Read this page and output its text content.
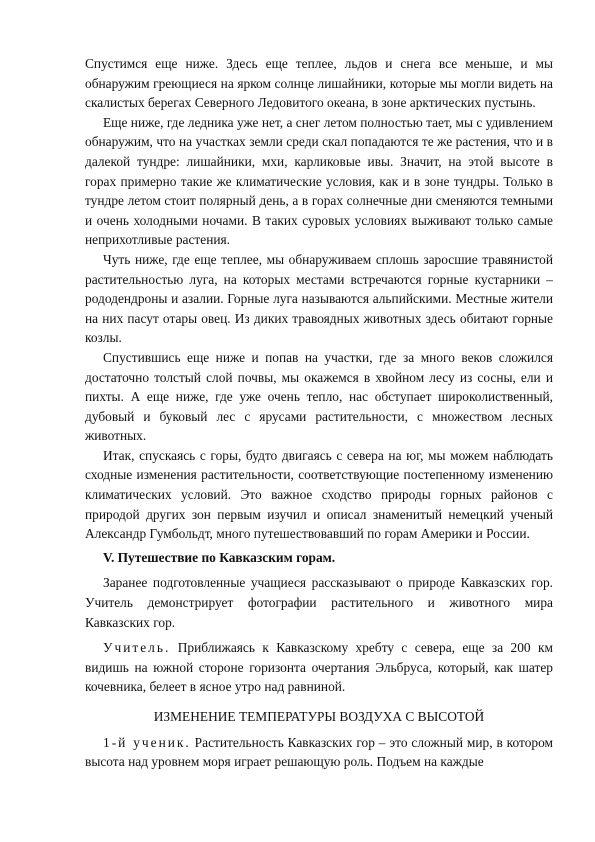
Спустимся еще ниже. Здесь еще теплее, льдов и снега все меньше, и мы обнаружим греющиеся на ярком солнце лишайники, которые мы могли видеть на скалистых берегах Северного Ледовитого океана, в зоне арктических пустынь.

Еще ниже, где ледника уже нет, а снег летом полностью тает, мы с удивлением обнаружим, что на участках земли среди скал попадаются те же растения, что и в далекой тундре: лишайники, мхи, карликовые ивы. Значит, на этой высоте в горах примерно такие же климатические условия, как и в зоне тундры. Только в тундре летом стоит полярный день, а в горах солнечные дни сменяются темными и очень холодными ночами. В таких суровых условиях выживают только самые неприхотливые растения.

Чуть ниже, где еще теплее, мы обнаруживаем сплошь заросшие травянистой растительностью луга, на которых местами встречаются горные кустарники – рододендроны и азалии. Горные луга называются альпийскими. Местные жители на них пасут отары овец. Из диких травоядных животных здесь обитают горные козлы.

Спустившись еще ниже и попав на участки, где за много веков сложился достаточно толстый слой почвы, мы окажемся в хвойном лесу из сосны, ели и пихты. А еще ниже, где уже очень тепло, нас обступает широколиственный, дубовый и буковый лес с ярусами растительности, с множеством лесных животных.

Итак, спускаясь с горы, будто двигаясь с севера на юг, мы можем наблюдать сходные изменения растительности, соответствующие постепенному изменению климатических условий. Это важное сходство природы горных районов с природой других зон первым изучил и описал знаменитый немецкий ученый Александр Гумбольдт, много путешествовавший по горам Америки и России.

V. Путешествие по Кавказским горам.

Заранее подготовленные учащиеся рассказывают о природе Кавказских гор. Учитель демонстрирует фотографии растительного и животного мира Кавказских гор.

Учитель. Приближаясь к Кавказскому хребту с севера, еще за 200 км видишь на южной стороне горизонта очертания Эльбруса, который, как шатер кочевника, белеет в ясное утро над равниной.

ИЗМЕНЕНИЕ ТЕМПЕРАТУРЫ ВОЗДУХА С ВЫСОТОЙ

1-й ученик. Растительность Кавказских гор – это сложный мир, в котором высота над уровнем моря играет решающую роль. Подъем на каждые
